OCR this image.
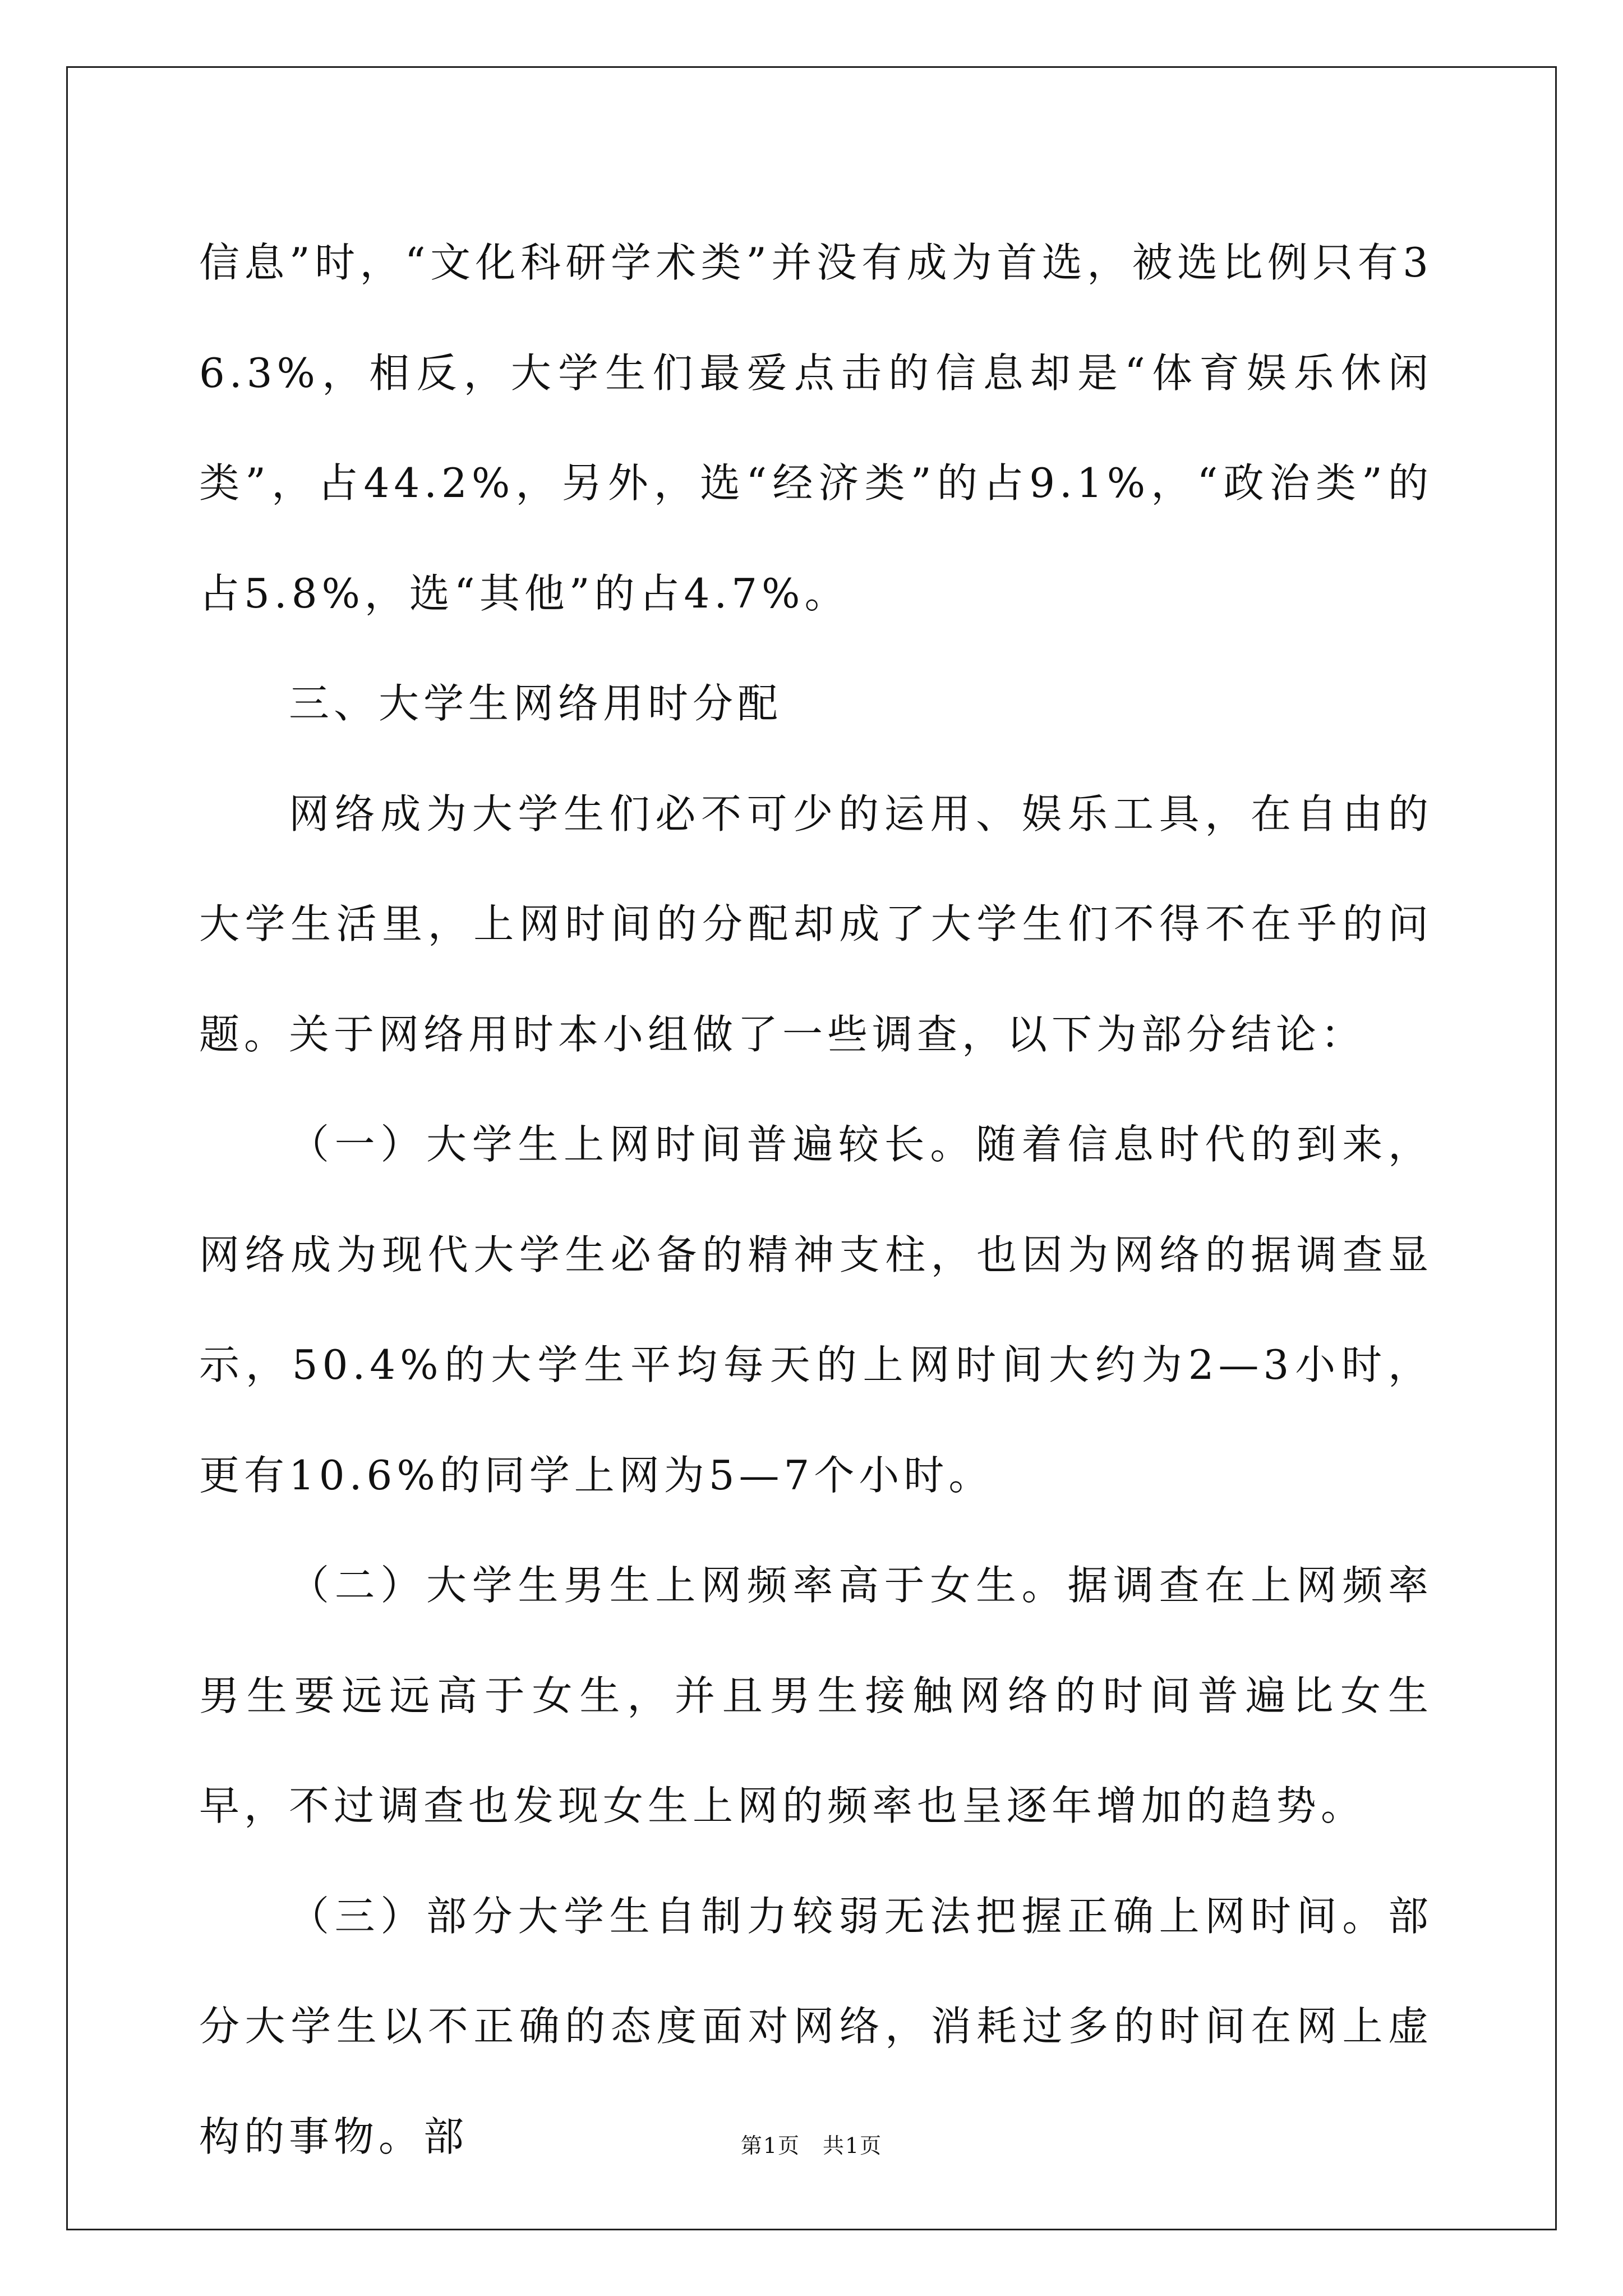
信息”时，“文化科研学术类”并没有成为首选，被选比例只有36.3%，相反，大学生们最爱点击的信息却是“体育娱乐休闲类”，占44.2%，另外，选“经济类”的占9.1%，“政治类”的占5.8%，选“其他”的占4.7%。

三、大学生网络用时分配

网络成为大学生们必不可少的运用、娱乐工具，在自由的大学生活里，上网时间的分配却成了大学生们不得不在乎的问题。关于网络用时本小组做了一些调查，以下为部分结论：

（一）大学生上网时间普遍较长。随着信息时代的到来，网络成为现代大学生必备的精神支柱，也因为网络的据调查显示，50.4%的大学生平均每天的上网时间大约为2—3小时，更有10.6%的同学上网为5—7个小时。

（二）大学生男生上网频率高于女生。据调查在上网频率男生要远远高于女生，并且男生接触网络的时间普遍比女生早，不过调查也发现女生上网的频率也呈逐年增加的趋势。

（三）部分大学生自制力较弱无法把握正确上网时间。部分大学生以不正确的态度面对网络，消耗过多的时间在网上虚构的事物。部	第1页　共1页
